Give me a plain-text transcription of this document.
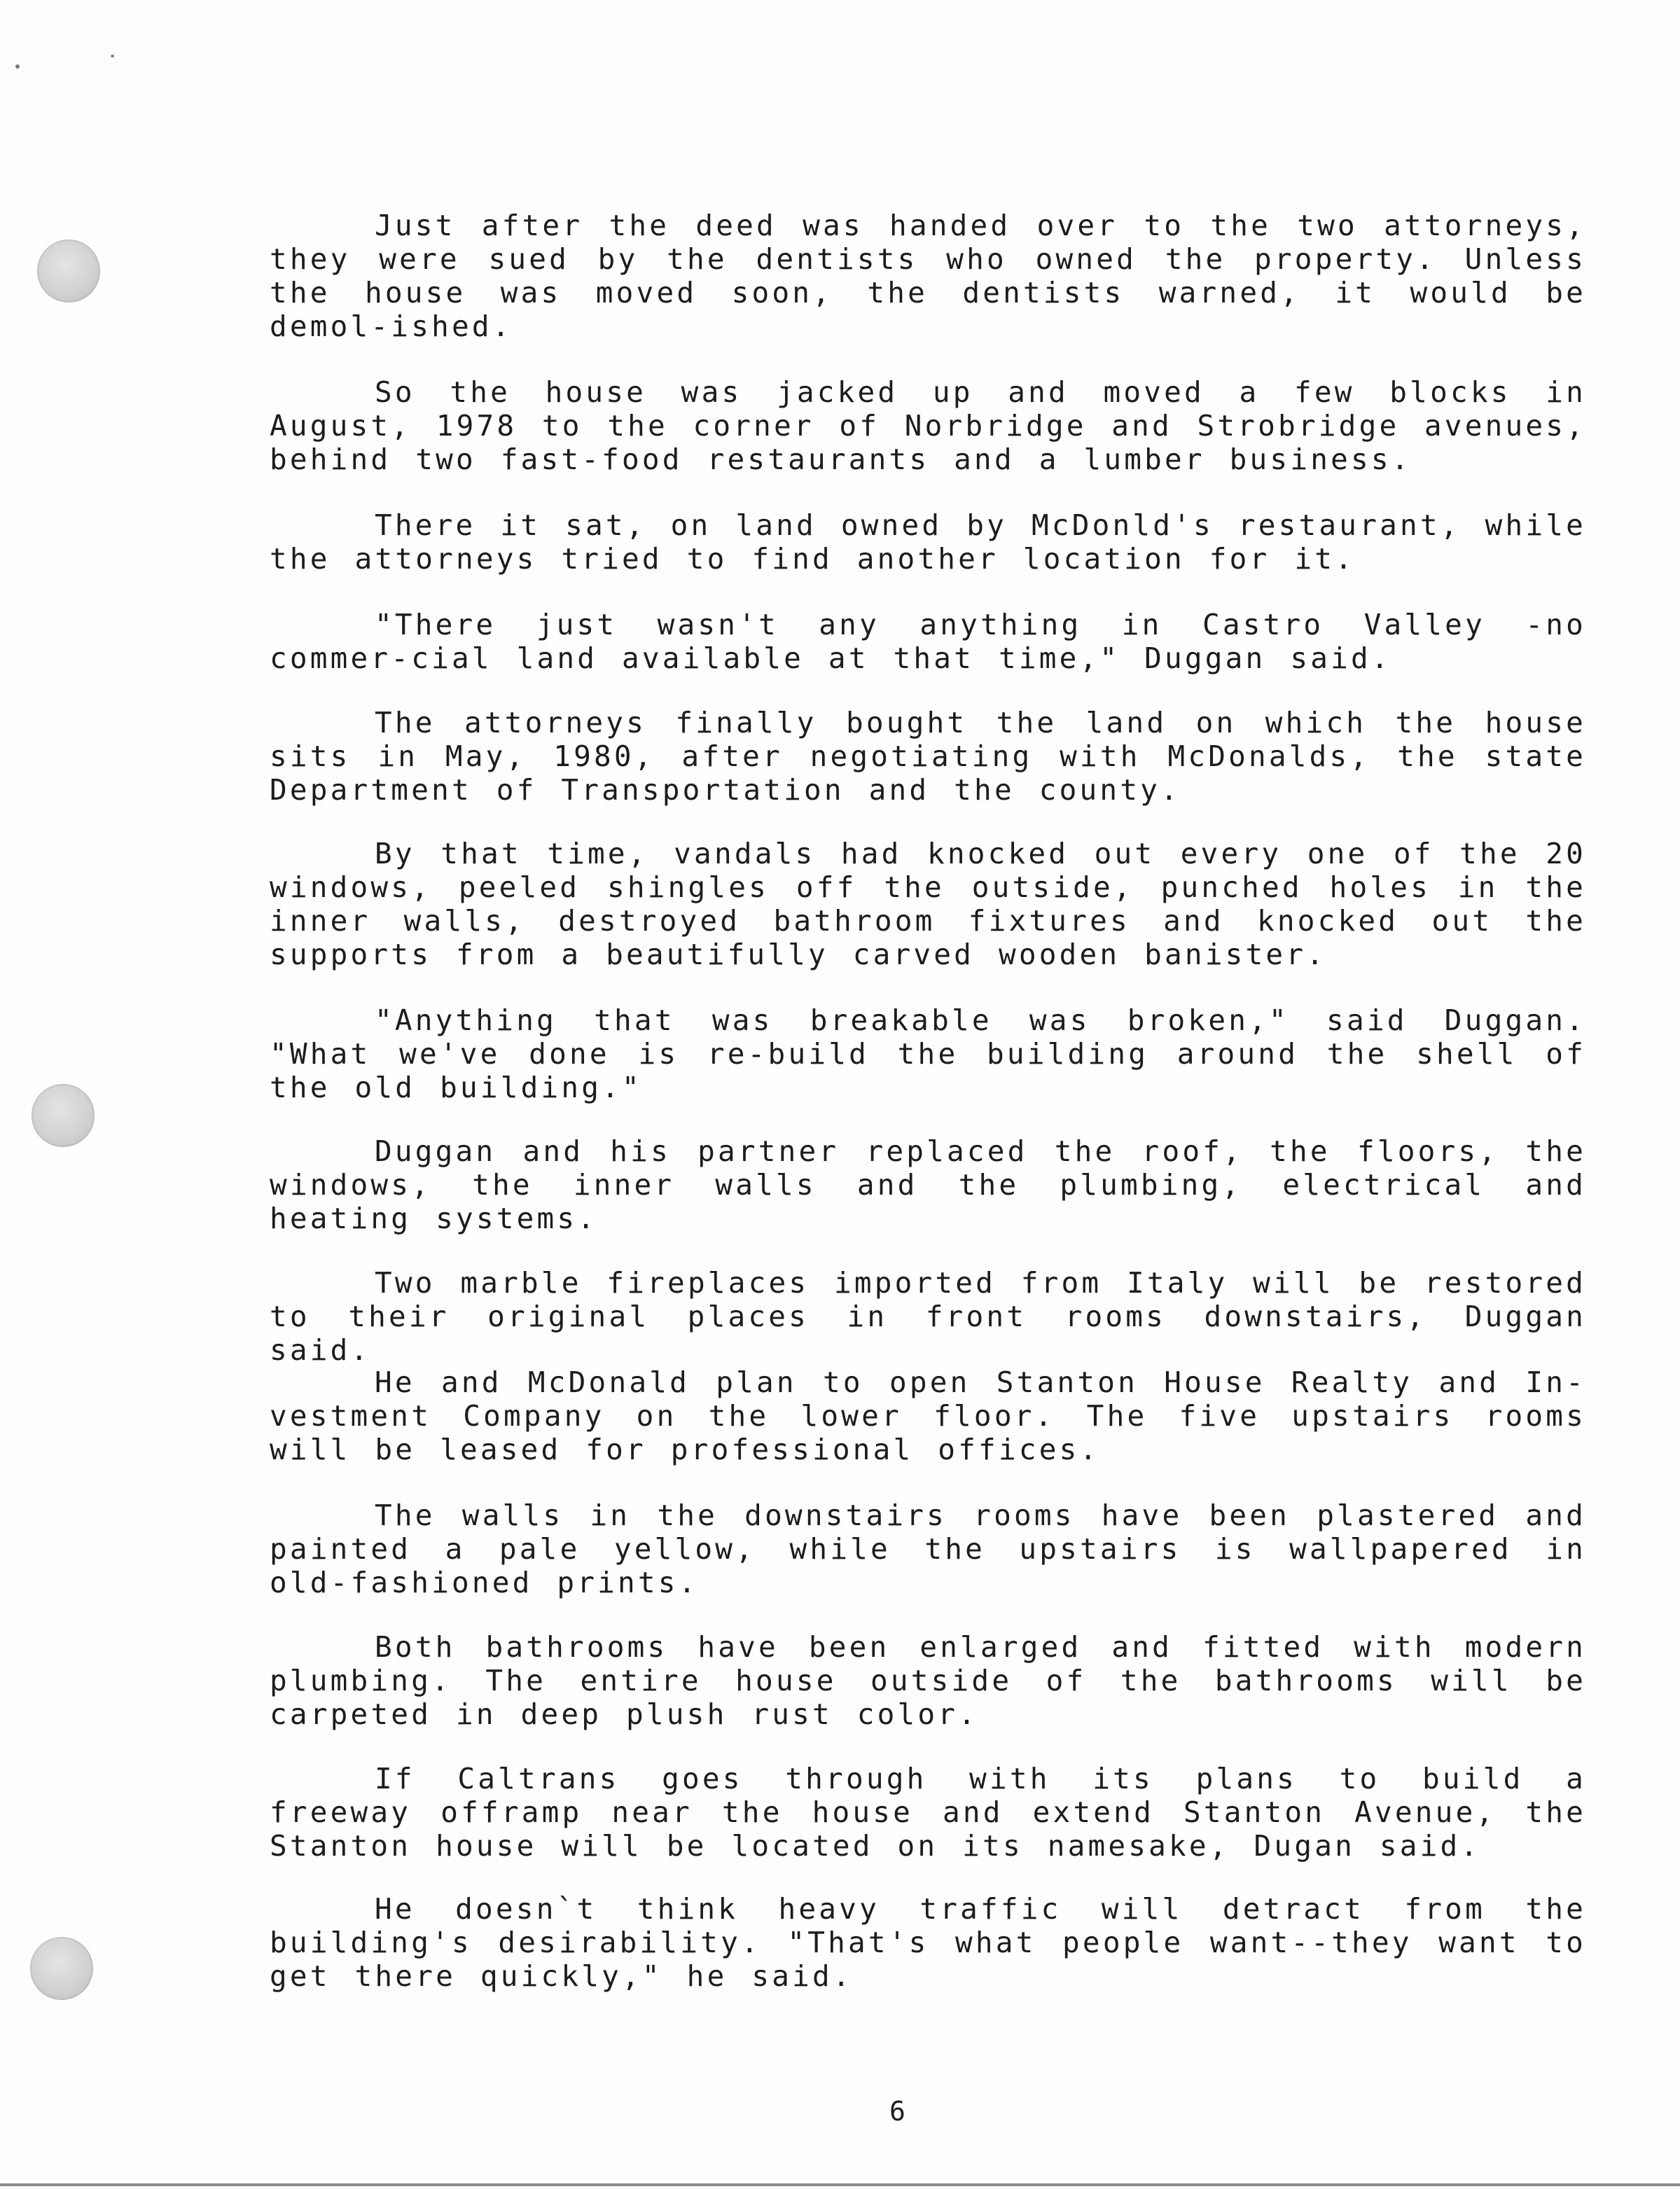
Just after the deed was handed over to the two attorneys, they were sued by the dentists who owned the property. Unless the house was moved soon, the dentists warned, it would be demol-ished.

So the house was jacked up and moved a few blocks in August, 1978 to the corner of Norbridge and Strobridge avenues, behind two fast-food restaurants and a lumber business.

There it sat, on land owned by McDonld's restaurant, while the attorneys tried to find another location for it.

"There just wasn't any anything in Castro Valley -no commer-cial land available at that time," Duggan said.

The attorneys finally bought the land on which the house sits in May, 1980, after negotiating with McDonalds, the state Department of Transportation and the county.

By that time, vandals had knocked out every one of the 20 windows, peeled shingles off the outside, punched holes in the inner walls, destroyed bathroom fixtures and knocked out the supports from a beautifully carved wooden banister.

"Anything that was breakable was broken," said Duggan. "What we've done is re-build the building around the shell of the old building."

Duggan and his partner replaced the roof, the floors, the windows, the inner walls and the plumbing, electrical and heating systems.

Two marble fireplaces imported from Italy will be restored to their original places in front rooms downstairs, Duggan said.

He and McDonald plan to open Stanton House Realty and In-vestment Company on the lower floor. The five upstairs rooms will be leased for professional offices.

The walls in the downstairs rooms have been plastered and painted a pale yellow, while the upstairs is wallpapered in old-fashioned prints.

Both bathrooms have been enlarged and fitted with modern plumbing. The entire house outside of the bathrooms will be carpeted in deep plush rust color.

If Caltrans goes through with its plans to build a freeway offramp near the house and extend Stanton Avenue, the Stanton house will be located on its namesake, Dugan said.

He doesn`t think heavy traffic will detract from the building's desirability. "That's what people want--they want to get there quickly," he said.

6
